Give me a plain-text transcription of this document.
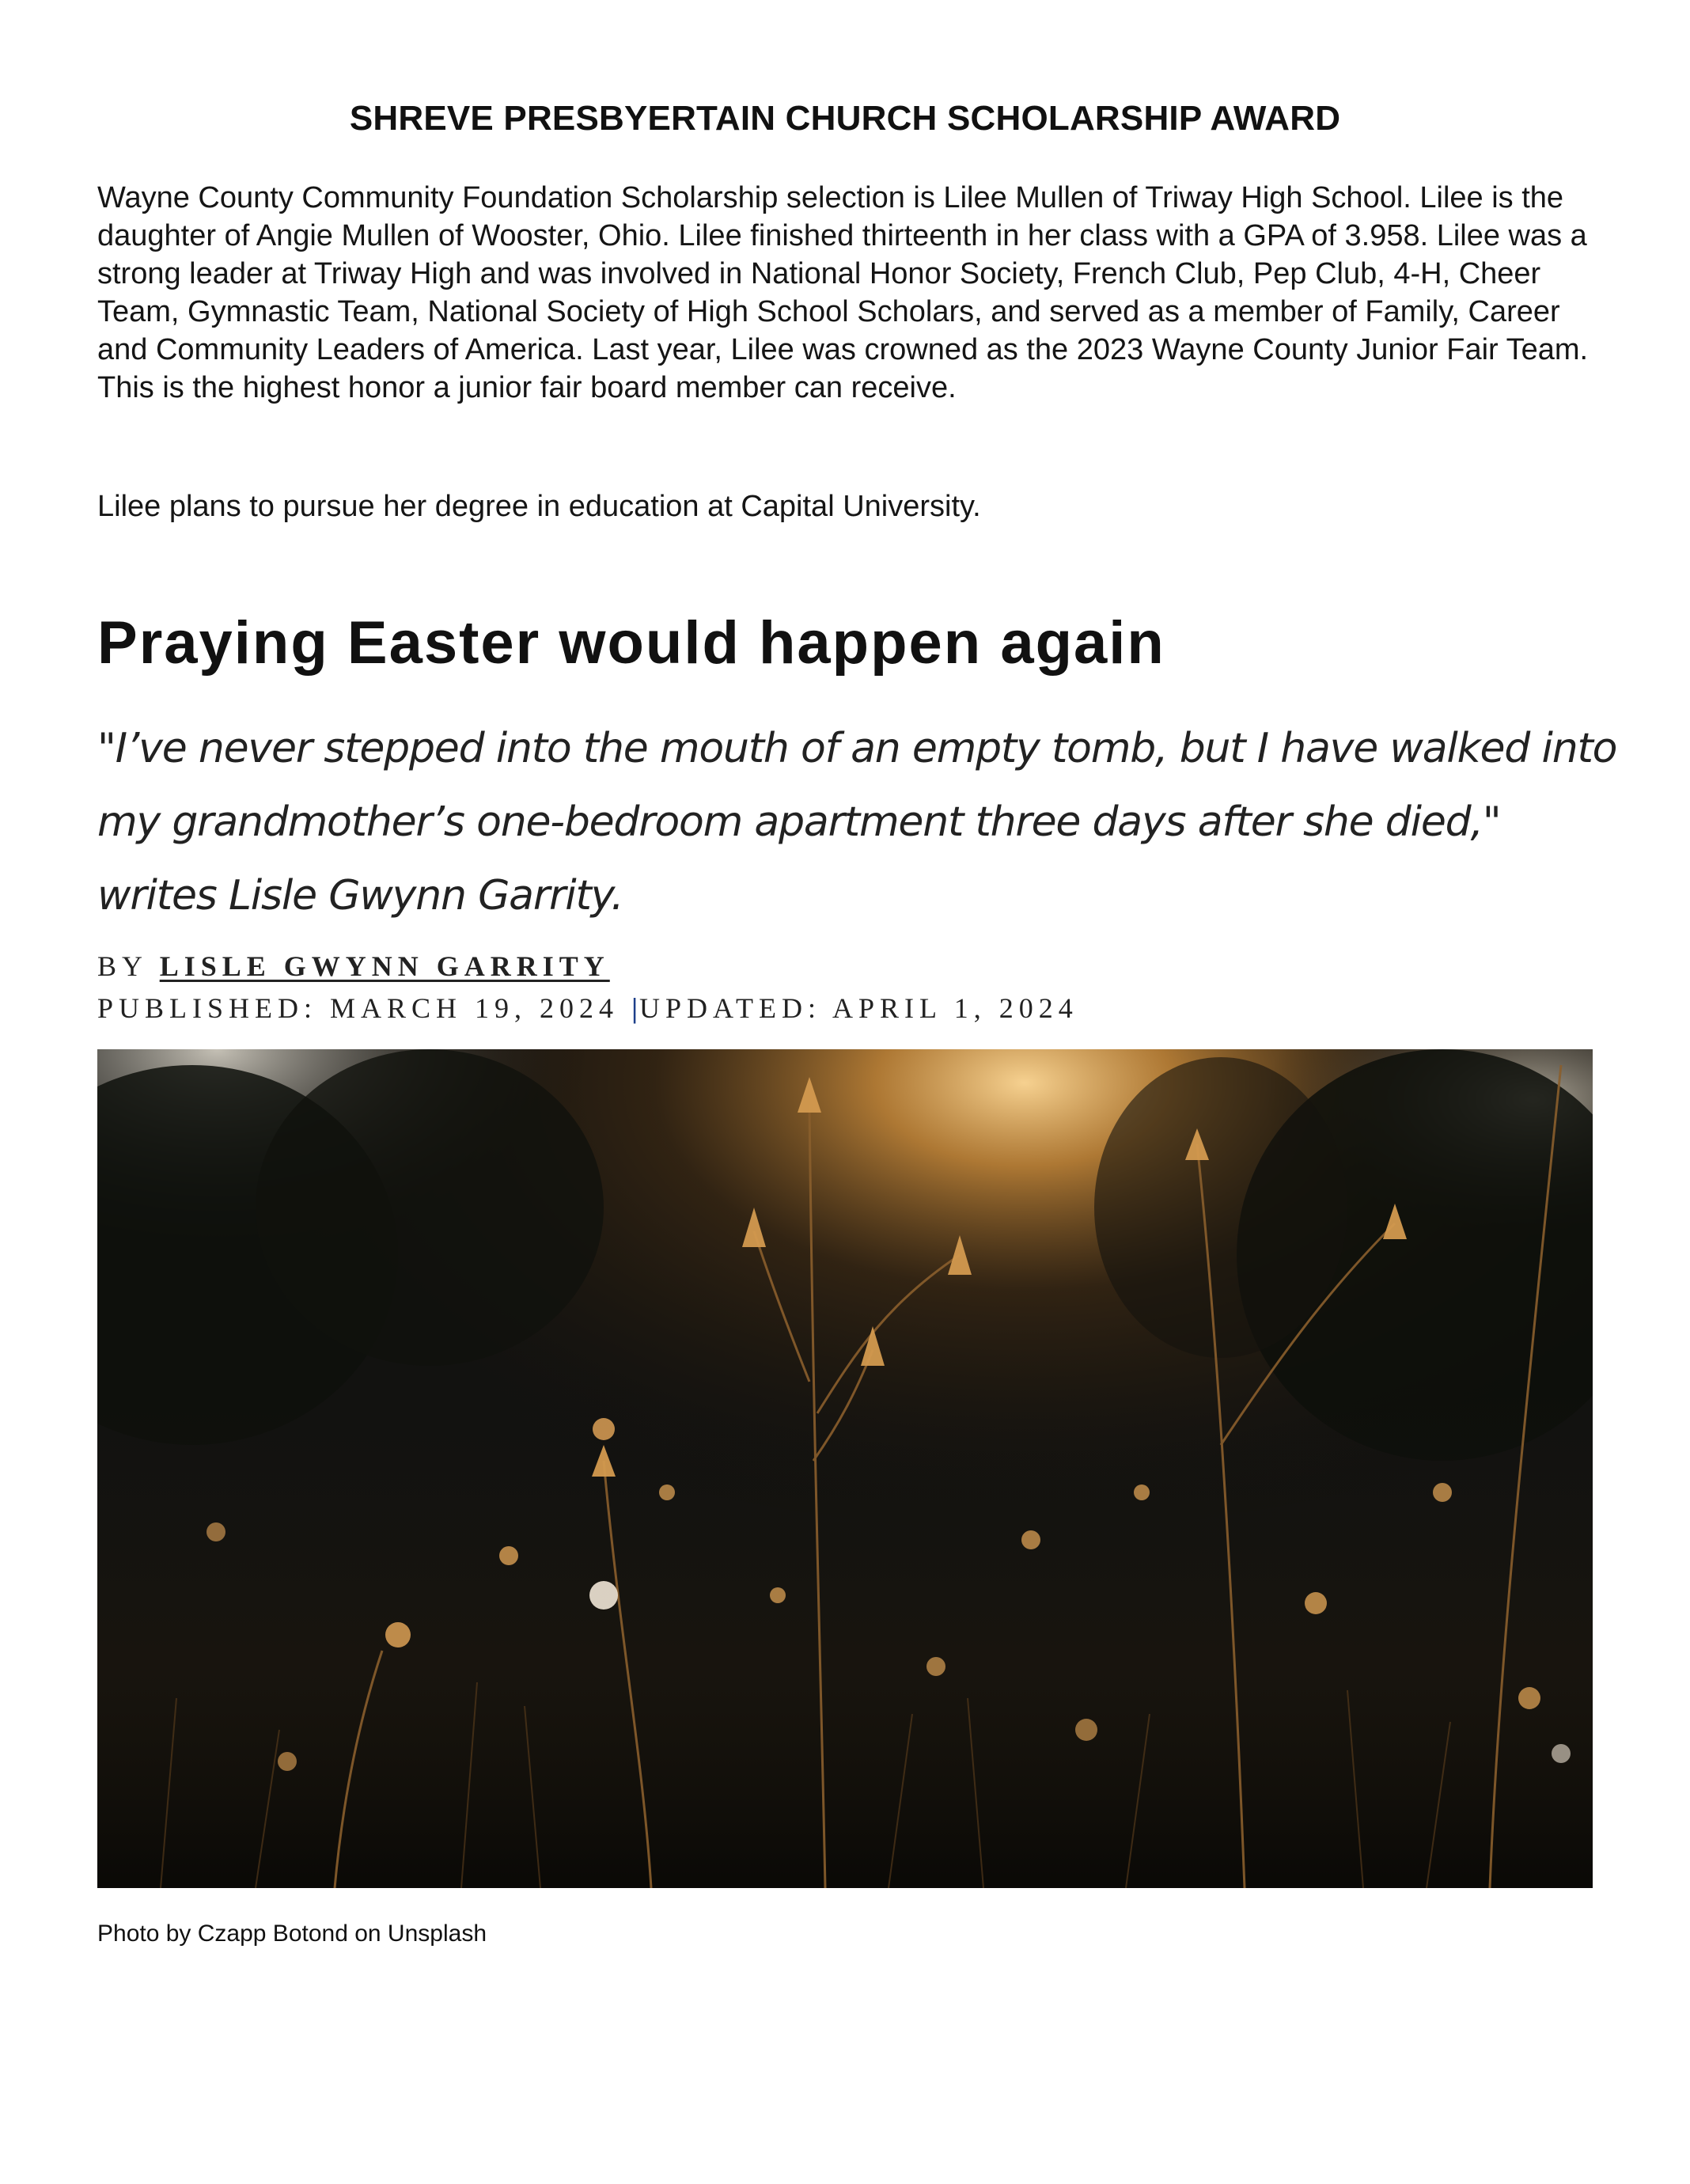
SHREVE PRESBYERTAIN CHURCH SCHOLARSHIP AWARD

Wayne County Community Foundation Scholarship selection is Lilee Mullen of Triway High School. Lilee is the daughter of Angie Mullen of Wooster, Ohio. Lilee finished thirteenth in her class with a GPA of 3.958. Lilee was a strong leader at Triway High and was involved in National Honor Society, French Club, Pep Club, 4-H, Cheer Team, Gymnastic Team, National Society of High School Scholars, and served as a member of Family, Career and Community Leaders of America. Last year, Lilee was crowned as the 2023 Wayne County Junior Fair Team. This is the highest honor a junior fair board member can receive.

Lilee plans to pursue her degree in education at Capital University.

Praying Easter would happen again

"I’ve never stepped into the mouth of an empty tomb, but I have walked into my grandmother’s one-bedroom apartment three days after she died," writes Lisle Gwynn Garrity.

BY LISLE GWYNN GARRITY

PUBLISHED: MARCH 19, 2024 |UPDATED: APRIL 1, 2024

Photo by Czapp Botond on Unsplash
